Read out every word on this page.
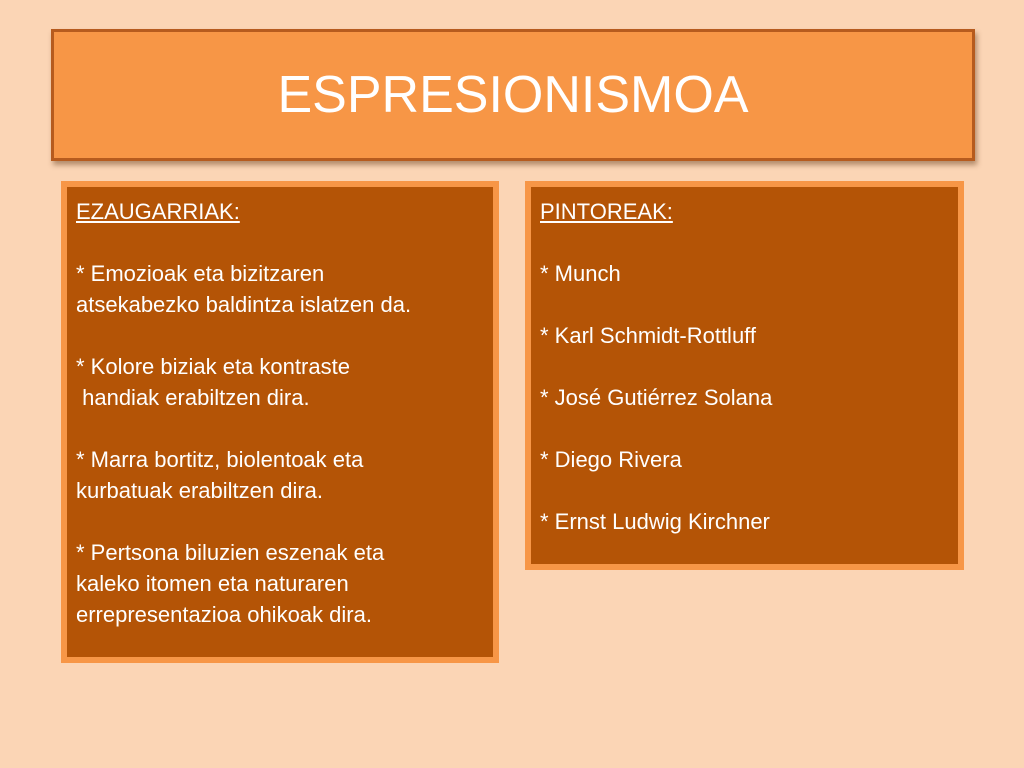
ESPRESIONISMOA

EZAUGARRIAK:

* Emozioak eta bizitzaren

atsekabezko baldintza islatzen da.

* Kolore biziak eta kontraste

handiak erabiltzen dira.

* Marra bortitz, biolentoak eta

kurbatuak erabiltzen dira.

* Pertsona biluzien eszenak eta

kaleko itomen eta naturaren

errepresentazioa ohikoak dira.

PINTOREAK:

* Munch

* Karl Schmidt-Rottluff

* José Gutiérrez Solana

* Diego Rivera

* Ernst Ludwig Kirchner
